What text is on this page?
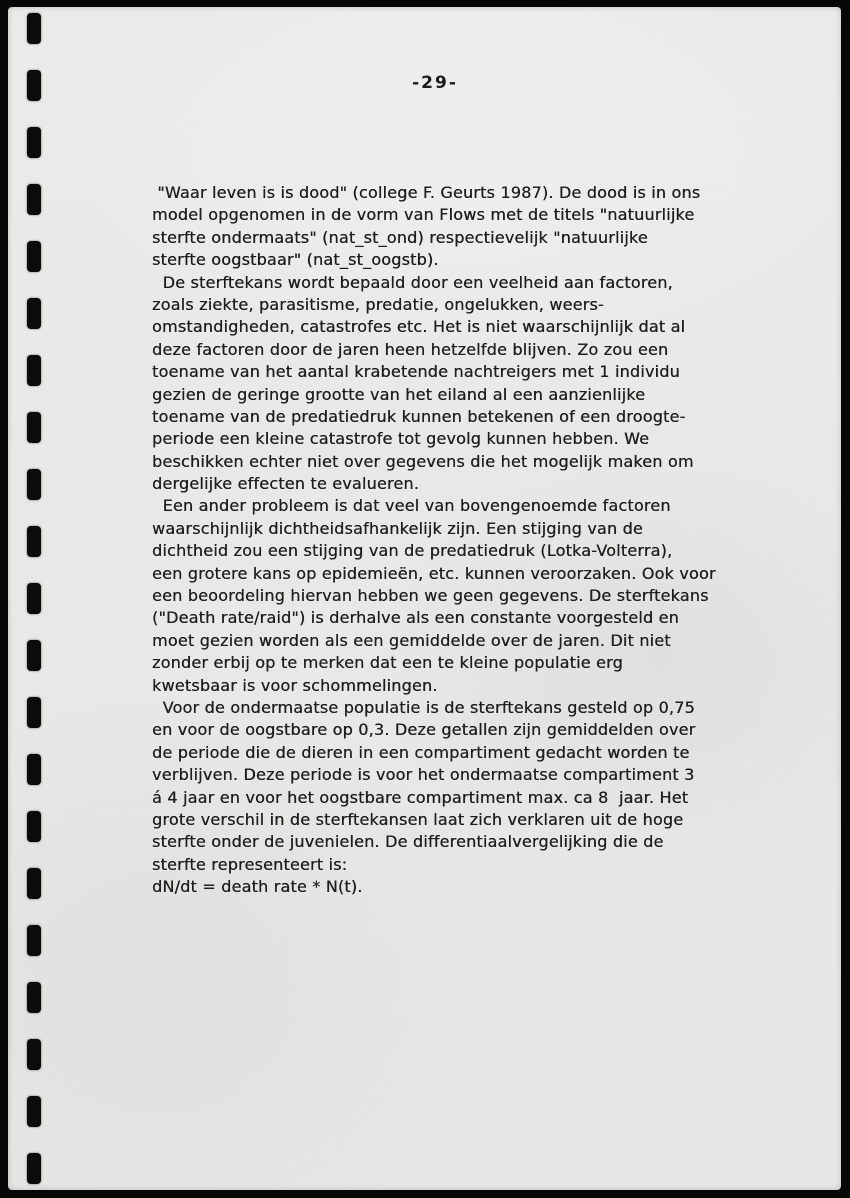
-29-
"Waar leven is is dood" (college F. Geurts 1987). De dood is in ons
model opgenomen in de vorm van Flows met de titels "natuurlijke
sterfte ondermaats" (nat_st_ond) respectievelijk "natuurlijke
sterfte oogstbaar" (nat_st_oogstb).
De sterftekans wordt bepaald door een veelheid aan factoren,
zoals ziekte, parasitisme, predatie, ongelukken, weers-
omstandigheden, catastrofes etc. Het is niet waarschijnlijk dat al
deze factoren door de jaren heen hetzelfde blijven. Zo zou een
toename van het aantal krabetende nachtreigers met 1 individu
gezien de geringe grootte van het eiland al een aanzienlijke
toename van de predatiedruk kunnen betekenen of een droogte-
periode een kleine catastrofe tot gevolg kunnen hebben. We
beschikken echter niet over gegevens die het mogelijk maken om
dergelijke effecten te evalueren.
Een ander probleem is dat veel van bovengenoemde factoren
waarschijnlijk dichtheidsafhankelijk zijn. Een stijging van de
dichtheid zou een stijging van de predatiedruk (Lotka-Volterra),
een grotere kans op epidemieën, etc. kunnen veroorzaken. Ook voor
een beoordeling hiervan hebben we geen gegevens. De sterftekans
("Death rate/raid") is derhalve als een constante voorgesteld en
moet gezien worden als een gemiddelde over de jaren. Dit niet
zonder erbij op te merken dat een te kleine populatie erg
kwetsbaar is voor schommelingen.
Voor de ondermaatse populatie is de sterftekans gesteld op 0,75
en voor de oogstbare op 0,3. Deze getallen zijn gemiddelden over
de periode die de dieren in een compartiment gedacht worden te
verblijven. Deze periode is voor het ondermaatse compartiment 3
á 4 jaar en voor het oogstbare compartiment max. ca 8  jaar. Het
grote verschil in de sterftekansen laat zich verklaren uit de hoge
sterfte onder de juvenielen. De differentiaalvergelijking die de
sterfte representeert is:
dN/dt = death rate * N(t).
